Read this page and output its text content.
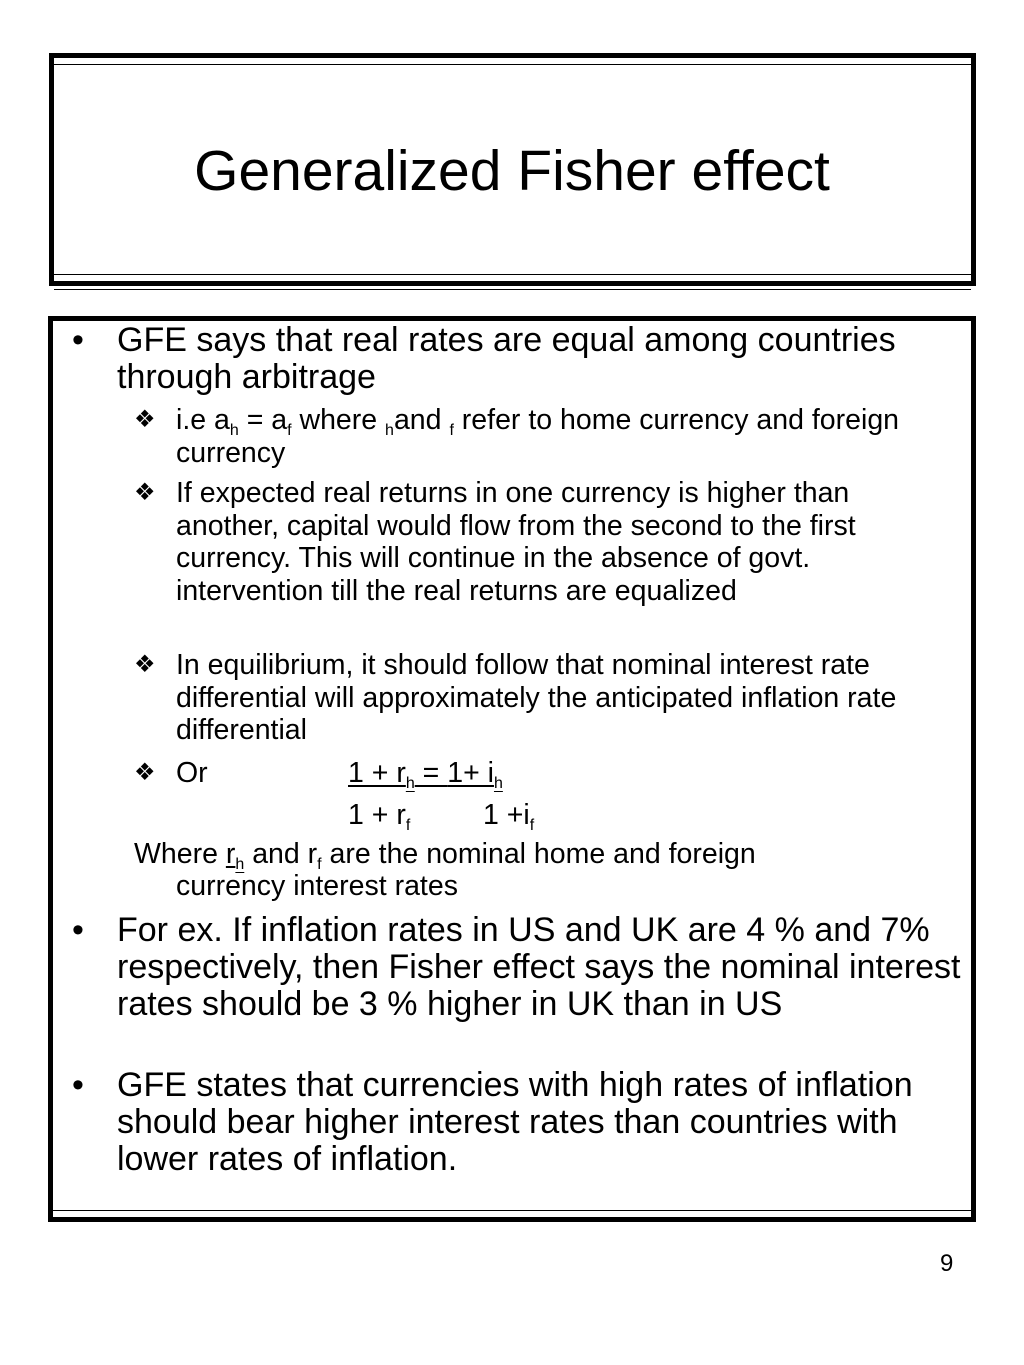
Generalized Fisher effect
• GFE says that real rates are equal among countries through arbitrage
❖ i.e $a_h = a_f$ where $_h$and $_f$ refer to home currency and foreign currency
❖ If expected real returns in one currency is higher than another, capital would flow from the second to the first currency. This will continue in the absence of govt. intervention till the real returns are equalized
❖ In equilibrium, it should follow that nominal interest rate differential will approximately the anticipated inflation rate differential
❖ Or	$1 + r_h = 1+ i_h$
$1 + r_f$	$1 +i_f$
Where $r_h$ and $r_f$ are the nominal home and foreign
currency interest rates
• For ex. If inflation rates in US and UK are 4 % and 7% respectively, then Fisher effect says the nominal interest rates should be 3 % higher in UK than in US
• GFE states that currencies with high rates of inflation should bear higher interest rates than countries with lower rates of inflation.
9
